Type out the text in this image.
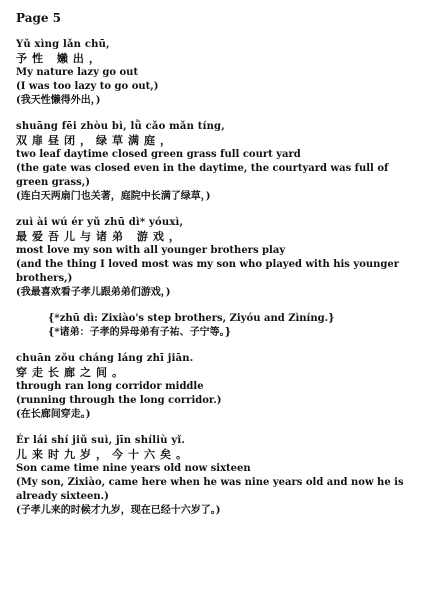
Page 5
Yǔ xìng lǎn chū,
予性 嬾出，
My nature lazy go out
(I was too lazy to go out,)
(我天性懒得外出，)
shuāng fēi zhòu bì, lǜ cǎo mǎn tíng,
双扉昼闭，绿草满庭，
two leaf daytime closed green grass full court yard
(the gate was closed even in the daytime, the courtyard was full of green grass,)
(连白天两扇门也关著，庭院中长满了绿草，)
zuì ài wú ér yǔ zhū dì* yóuxì,
最爱吾儿与诸弟 游戏，
most love my son with all younger brothers play
(and the thing I loved most was my son who played with his younger brothers,)
(我最喜欢看子孝儿跟弟弟们游戏，)
{*zhū dì: Zixiào's step brothers, Ziyóu and Zìníng.}
{*诸弟：子孝的异母弟有子祐、子宁等。}
chuān zǒu cháng láng zhī jiān.
穿走长廊之间。
through ran long corridor middle
(running through the long corridor.)
(在长廊间穿走。)
Ér lái shí jiǔ suì, jīn shíliù yǐ.
儿来时九岁，今十六矣。
Son came time nine years old now sixteen
(My son, Zixiào, came here when he was nine years old and now he is already sixteen.)
(子孝儿来的时候才九岁，现在已经十六岁了。)
